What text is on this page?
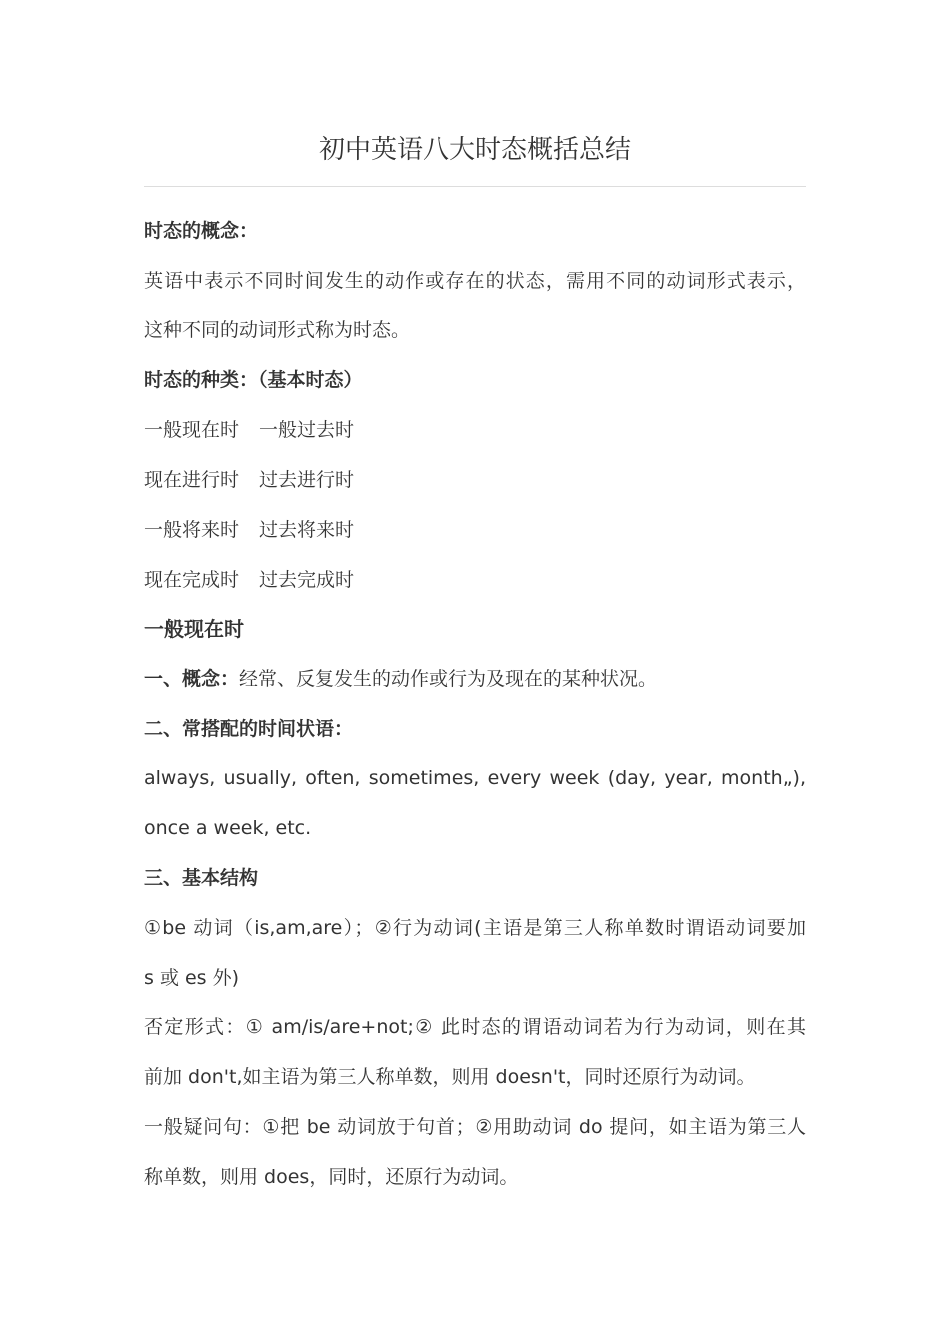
初中英语八大时态概括总结
时态的概念：
英语中表示不同时间发生的动作或存在的状态，需用不同的动词形式表示，
这种不同的动词形式称为时态。
时态的种类：（基本时态）
一般现在时 一般过去时
现在进行时 过去进行时
一般将来时 过去将来时
现在完成时 过去完成时
一般现在时
一、概念：经常、反复发生的动作或行为及现在的某种状况。
二、常搭配的时间状语：
always, usually, often, sometimes, every week (day, year, month„),
once a week, etc.
三、基本结构
①be 动词（is,am,are）；②行为动词(主语是第三人称单数时谓语动词要加
s 或 es 外)
否定形式：① am/is/are+not;② 此时态的谓语动词若为行为动词，则在其
前加 don't,如主语为第三人称单数，则用 doesn't，同时还原行为动词。
一般疑问句：①把 be 动词放于句首；②用助动词 do 提问，如主语为第三人
称单数，则用 does，同时，还原行为动词。
